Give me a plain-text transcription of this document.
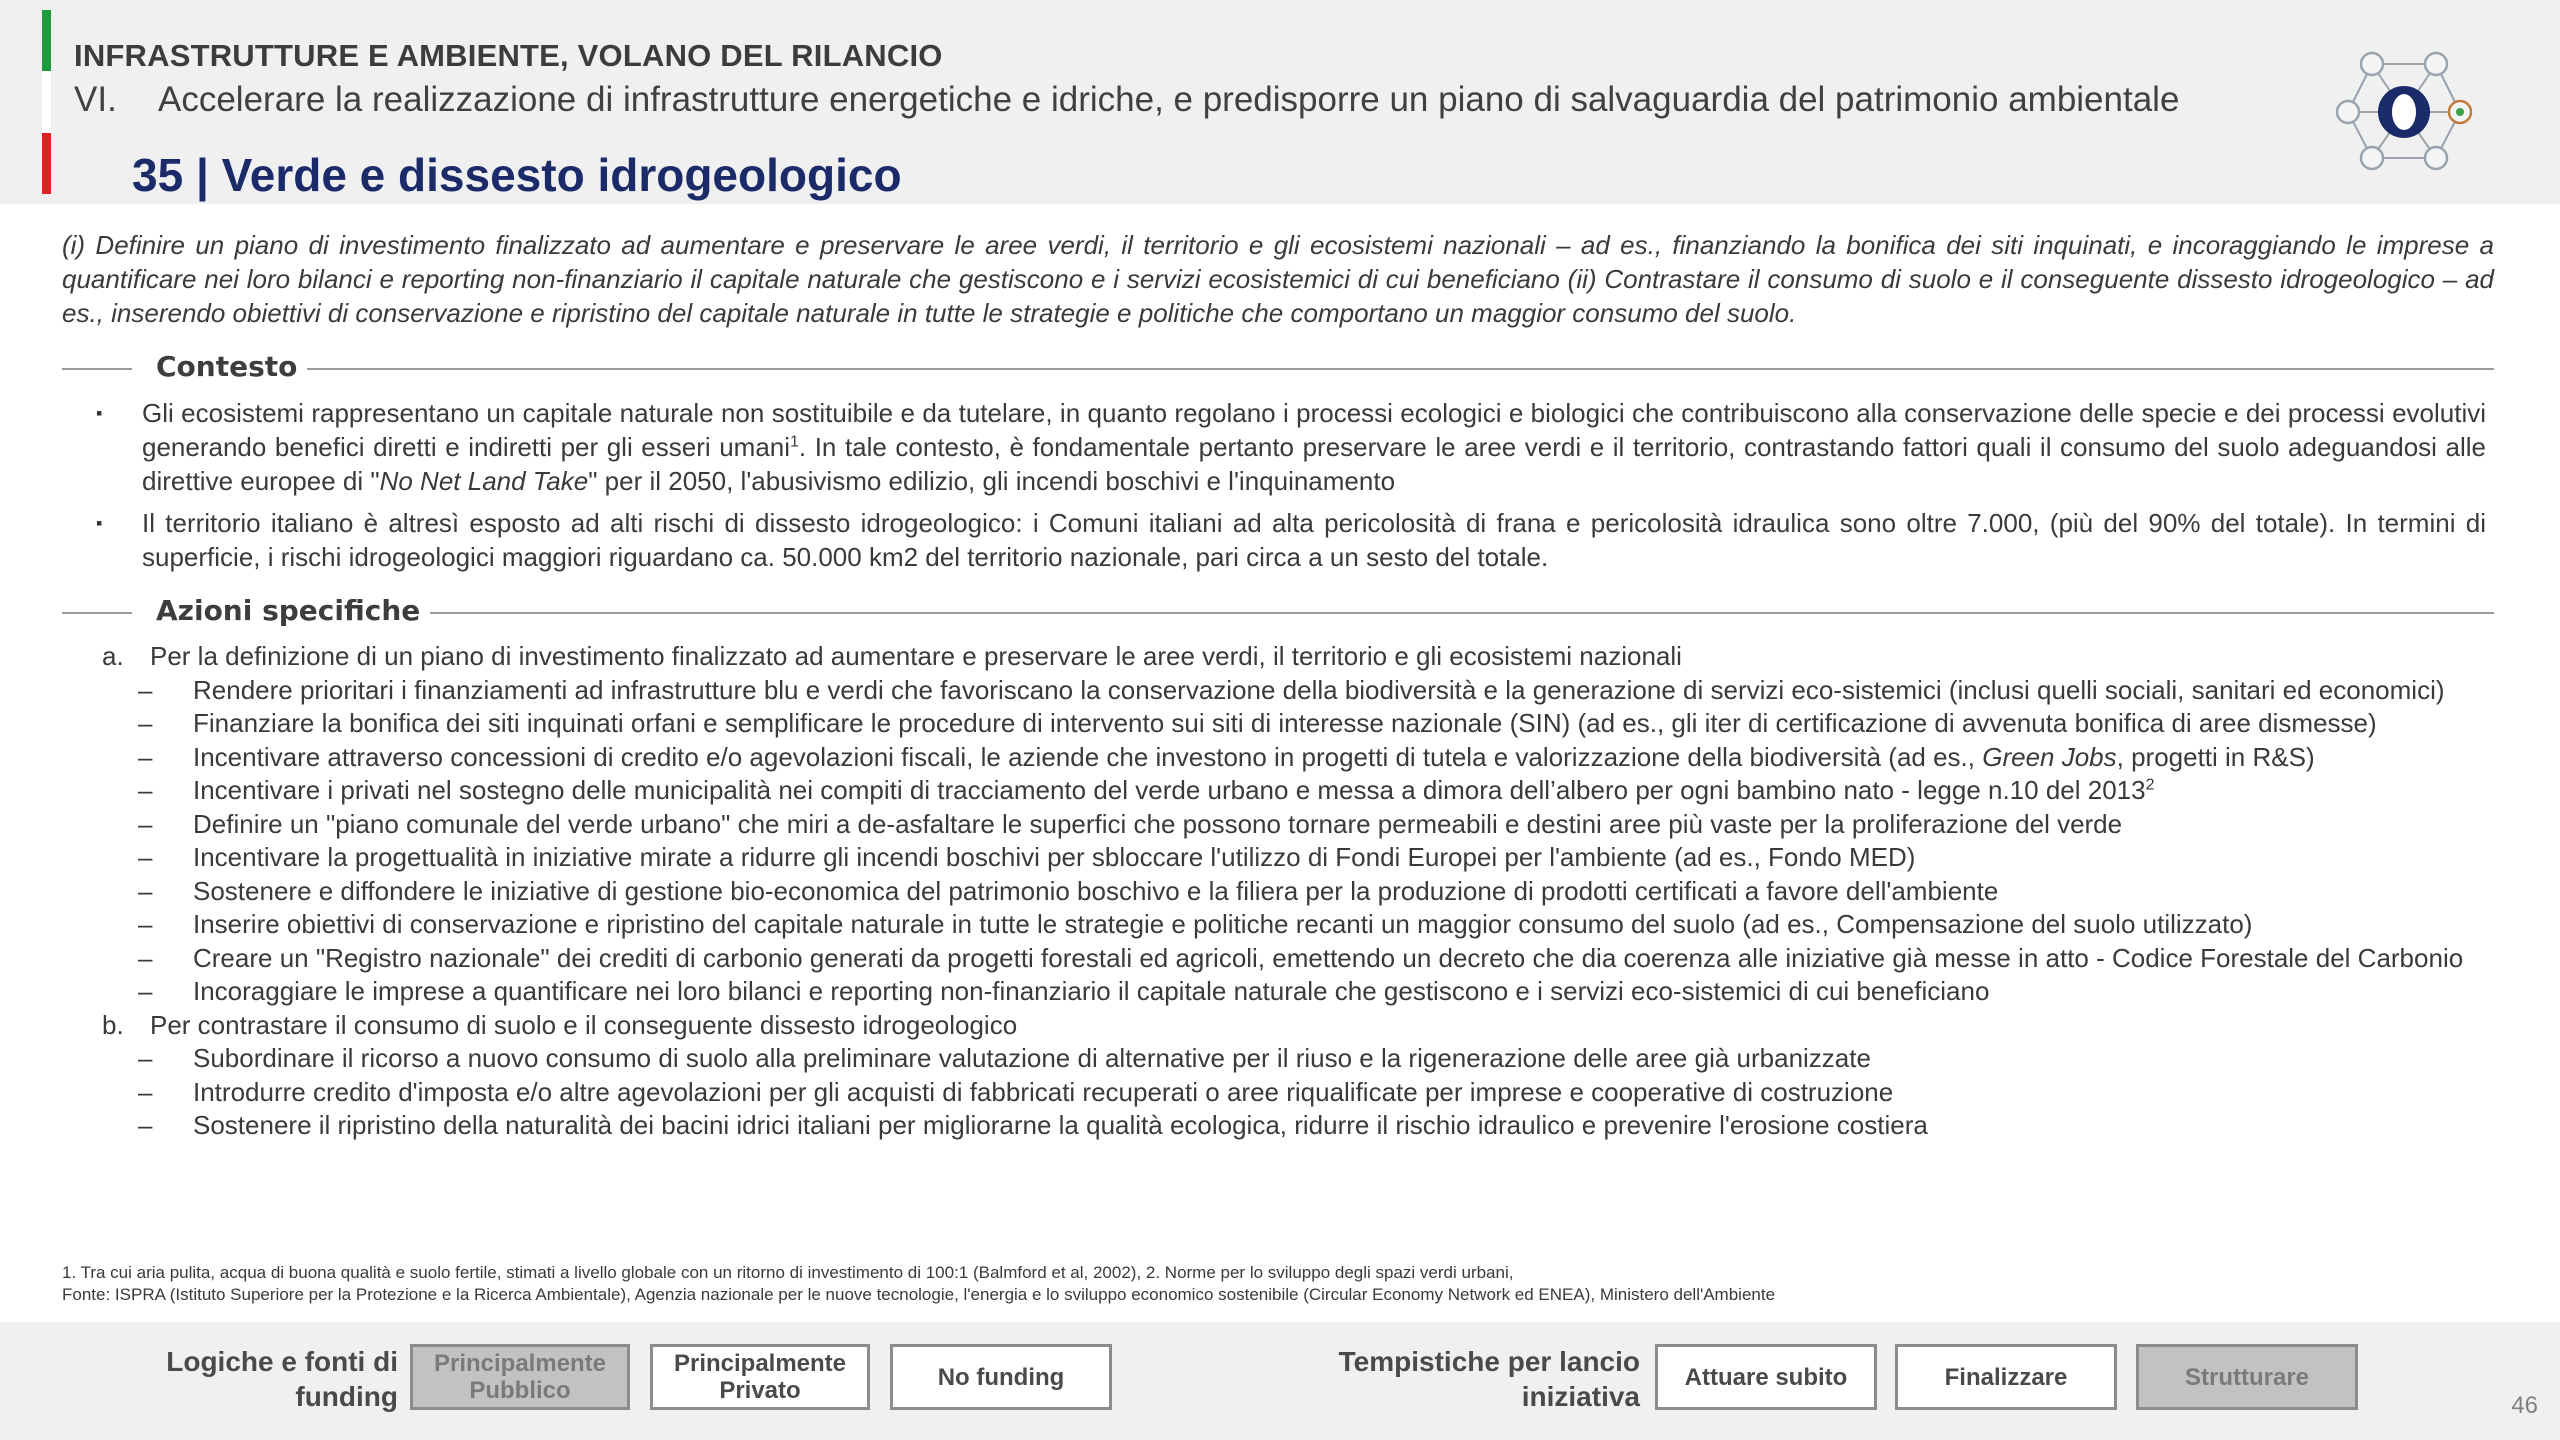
INFRASTRUTTURE E AMBIENTE, VOLANO DEL RILANCIO
VI. Accelerare la realizzazione di infrastrutture energetiche e idriche, e predisporre un piano di salvaguardia del patrimonio ambientale
35 | Verde e dissesto idrogeologico
(i) Definire un piano di investimento finalizzato ad aumentare e preservare le aree verdi, il territorio e gli ecosistemi nazionali – ad es., finanziando la bonifica dei siti inquinati, e incoraggiando le imprese a quantificare nei loro bilanci e reporting non-finanziario il capitale naturale che gestiscono e i servizi ecosistemici di cui beneficiano (ii) Contrastare il consumo di suolo e il conseguente dissesto idrogeologico – ad es., inserendo obiettivi di conservazione e ripristino del capitale naturale in tutte le strategie e politiche che comportano un maggior consumo del suolo.
Contesto
▪ Gli ecosistemi rappresentano un capitale naturale non sostituibile e da tutelare, in quanto regolano i processi ecologici e biologici che contribuiscono alla conservazione delle specie e dei processi evolutivi generando benefici diretti e indiretti per gli esseri umani$^1$. In tale contesto, è fondamentale pertanto preservare le aree verdi e il territorio, contrastando fattori quali il consumo del suolo adeguandosi alle direttive europee di "No Net Land Take" per il 2050, l'abusivismo edilizio, gli incendi boschivi e l'inquinamento
▪ Il territorio italiano è altresì esposto ad alti rischi di dissesto idrogeologico: i Comuni italiani ad alta pericolosità di frana e pericolosità idraulica sono oltre 7.000, (più del 90% del totale). In termini di superficie, i rischi idrogeologici maggiori riguardano ca. 50.000 km2 del territorio nazionale, pari circa a un sesto del totale.
Azioni specifiche
a. Per la definizione di un piano di investimento finalizzato ad aumentare e preservare le aree verdi, il territorio e gli ecosistemi nazionali
– Rendere prioritari i finanziamenti ad infrastrutture blu e verdi che favoriscano la conservazione della biodiversità e la generazione di servizi eco-sistemici (inclusi quelli sociali, sanitari ed economici)
– Finanziare la bonifica dei siti inquinati orfani e semplificare le procedure di intervento sui siti di interesse nazionale (SIN) (ad es., gli iter di certificazione di avvenuta bonifica di aree dismesse)
– Incentivare attraverso concessioni di credito e/o agevolazioni fiscali, le aziende che investono in progetti di tutela e valorizzazione della biodiversità (ad es., Green Jobs, progetti in R&S)
– Incentivare i privati nel sostegno delle municipalità nei compiti di tracciamento del verde urbano e messa a dimora dell’albero per ogni bambino nato - legge n.10 del 2013$^2$
– Definire un "piano comunale del verde urbano" che miri a de-asfaltare le superfici che possono tornare permeabili e destini aree più vaste per la proliferazione del verde
– Incentivare la progettualità in iniziative mirate a ridurre gli incendi boschivi per sbloccare l'utilizzo di Fondi Europei per l'ambiente (ad es., Fondo MED)
– Sostenere e diffondere le iniziative di gestione bio-economica del patrimonio boschivo e la filiera per la produzione di prodotti certificati a favore dell'ambiente
– Inserire obiettivi di conservazione e ripristino del capitale naturale in tutte le strategie e politiche recanti un maggior consumo del suolo (ad es., Compensazione del suolo utilizzato)
– Creare un "Registro nazionale" dei crediti di carbonio generati da progetti forestali ed agricoli, emettendo un decreto che dia coerenza alle iniziative già messe in atto - Codice Forestale del Carbonio
– Incoraggiare le imprese a quantificare nei loro bilanci e reporting non-finanziario il capitale naturale che gestiscono e i servizi eco-sistemici di cui beneficiano
b. Per contrastare il consumo di suolo e il conseguente dissesto idrogeologico
– Subordinare il ricorso a nuovo consumo di suolo alla preliminare valutazione di alternative per il riuso e la rigenerazione delle aree già urbanizzate
– Introdurre credito d'imposta e/o altre agevolazioni per gli acquisti di fabbricati recuperati o aree riqualificate per imprese e cooperative di costruzione
– Sostenere il ripristino della naturalità dei bacini idrici italiani per migliorarne la qualità ecologica, ridurre il rischio idraulico e prevenire l'erosione costiera
1. Tra cui aria pulita, acqua di buona qualità e suolo fertile, stimati a livello globale con un ritorno di investimento di 100:1 (Balmford et al, 2002), 2. Norme per lo sviluppo degli spazi verdi urbani,
Fonte: ISPRA (Istituto Superiore per la Protezione e la Ricerca Ambientale), Agenzia nazionale per le nuove tecnologie, l'energia e lo sviluppo economico sostenibile (Circular Economy Network ed ENEA), Ministero dell'Ambiente
Logiche e fonti di
funding
Principalmente
Pubblico
Principalmente
Privato	No funding	Tempistiche per lancio
iniziativa
Attuare subito	Finalizzare	Strutturare
46
